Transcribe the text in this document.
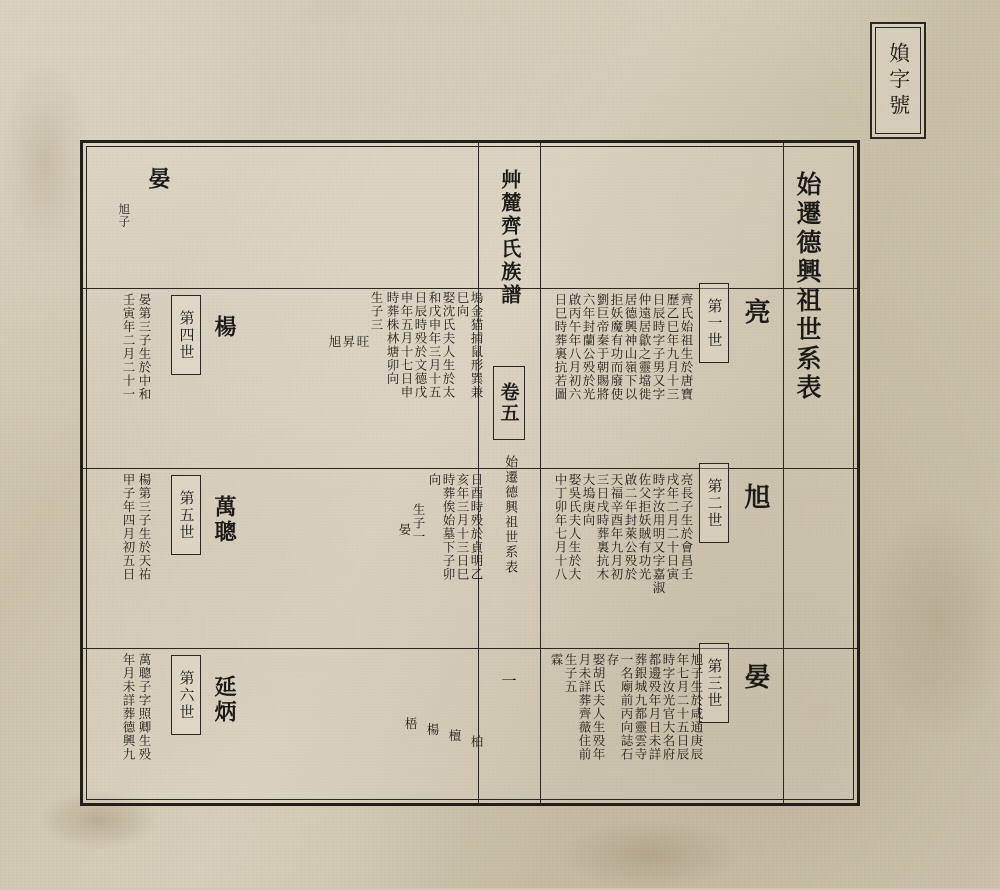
媍字號
始遷德興祖世系表
第一世 亮
齊氏始祖生於唐寶
歷乙巳年九月十三
日辰時字子男又字
仲遠居歙之靈壋徙
居德興神山嶺下以
拒妖魔有功而廢使
劉巨帝秦于朝賜將
六年封蘭公殁於光
啟丙午年八月初六
日巳時葬裏抗若圖
第二世 旭
亮長子生於會昌壬
戌年二月二十日寅
時字汝用明又字嘉淑
佐父拒妖賊有功光
啟二年封萊公殁於
天福辛酉年九月初
三日戌時葬裏抗木
大塢庚向
娶吳氏夫人生於大
中丁卯年七月十八
第三世 晏
旭子生於咸通庚辰
年七月二十五日辰
時字汝光官大名府
都邊殁年月日未詳
葬銀城九都靈雲寺
一名廟前丙向誌石
存
娶胡氏夫人生殁年
月未詳葬齊薇住前
生子五
霖
艸麓齊氏族譜
卷五
始遷德興祖世系表
一
塢金猫捕鼠形巽兼
巳向
娶沈氏夫人生於太
和戊申年三月十五
日辰時殁於文德戊
申年五月十七日申
時葬株林塘卯向
生子三
旺
昇
旭
晏
旭子
第四世 楊
晏第三子生於中和
壬寅年二月二十一
第五世 萬聰
楊第三子生於天祐
甲子年四月初五日
第六世 延炳
萬聰子字照卿生殁
年月未詳葬德興九
日酉時殁於貞明乙
亥年三月十三日巳
時葬俟始墓下子卯
向
生子一
晏
柏
檀
楊
梧
